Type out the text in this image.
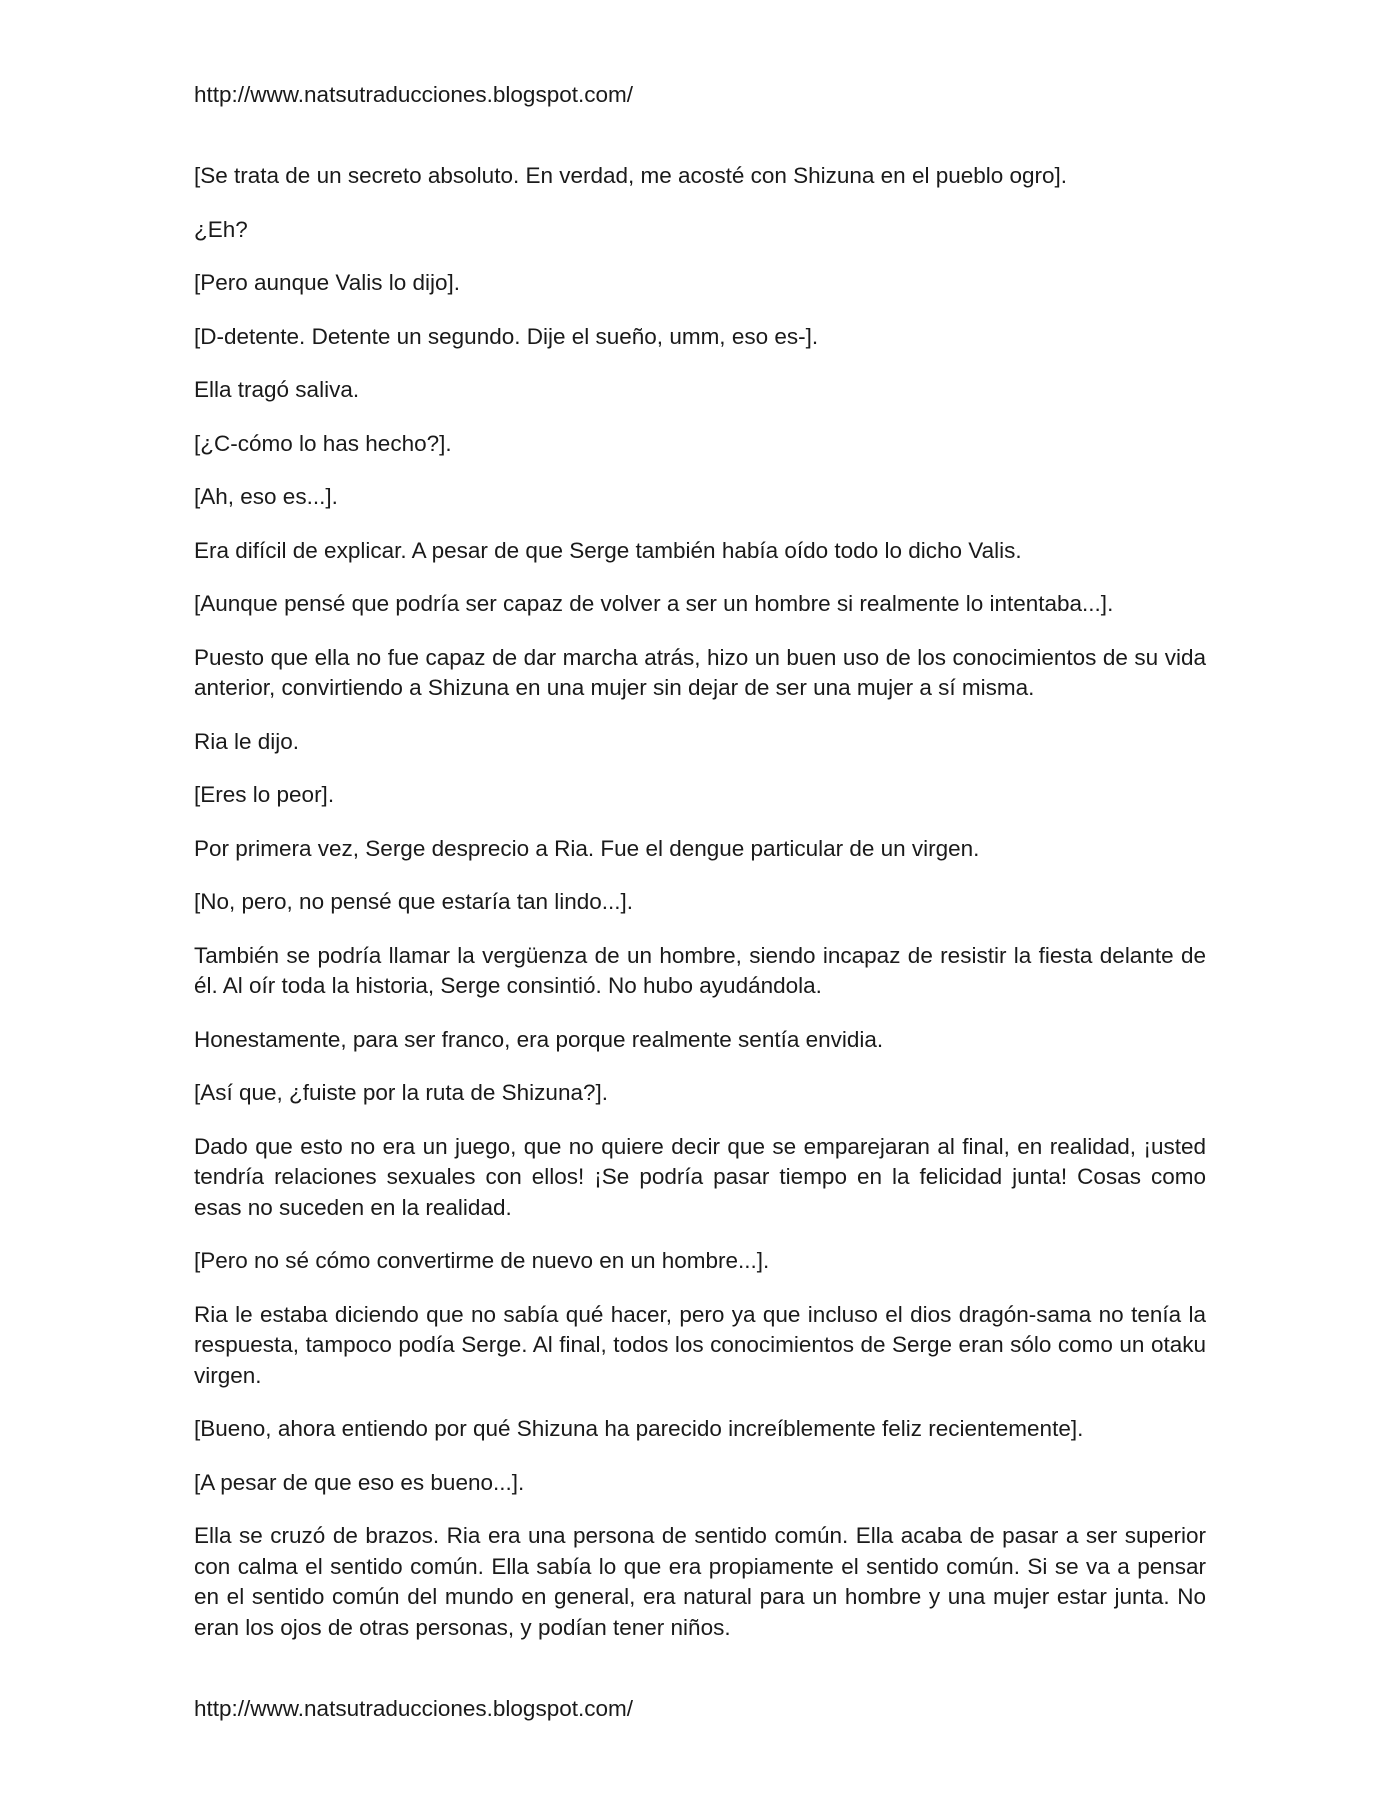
http://www.natsutraducciones.blogspot.com/

[Se trata de un secreto absoluto. En verdad, me acosté con Shizuna en el pueblo ogro].

¿Eh?

[Pero aunque Valis lo dijo].

[D-detente. Detente un segundo. Dije el sueño, umm, eso es-].

Ella tragó saliva.

[¿C-cómo lo has hecho?].

[Ah, eso es...].

Era difícil de explicar. A pesar de que Serge también había oído todo lo dicho Valis.

[Aunque pensé que podría ser capaz de volver a ser un hombre si realmente lo intentaba...].

Puesto que ella no fue capaz de dar marcha atrás, hizo un buen uso de los conocimientos de su vida anterior, convirtiendo a Shizuna en una mujer sin dejar de ser una mujer a sí misma.

Ria le dijo.

[Eres lo peor].

Por primera vez, Serge desprecio a Ria. Fue el dengue particular de un virgen.

[No, pero, no pensé que estaría tan lindo...].

También se podría llamar la vergüenza de un hombre, siendo incapaz de resistir la fiesta delante de él. Al oír toda la historia, Serge consintió. No hubo ayudándola.

Honestamente, para ser franco, era porque realmente sentía envidia.

[Así que, ¿fuiste por la ruta de Shizuna?].

Dado que esto no era un juego, que no quiere decir que se emparejaran al final, en realidad, ¡usted tendría relaciones sexuales con ellos! ¡Se podría pasar tiempo en la felicidad junta! Cosas como esas no suceden en la realidad.

[Pero no sé cómo convertirme de nuevo en un hombre...].

Ria le estaba diciendo que no sabía qué hacer, pero ya que incluso el dios dragón-sama no tenía la respuesta, tampoco podía Serge. Al final, todos los conocimientos de Serge eran sólo como un otaku virgen.

[Bueno, ahora entiendo por qué Shizuna ha parecido increíblemente feliz recientemente].

[A pesar de que eso es bueno...].

Ella se cruzó de brazos. Ria era una persona de sentido común. Ella acaba de pasar a ser superior con calma el sentido común. Ella sabía lo que era propiamente el sentido común. Si se va a pensar en el sentido común del mundo en general, era natural para un hombre y una mujer estar junta. No eran los ojos de otras personas, y podían tener niños.

http://www.natsutraducciones.blogspot.com/
